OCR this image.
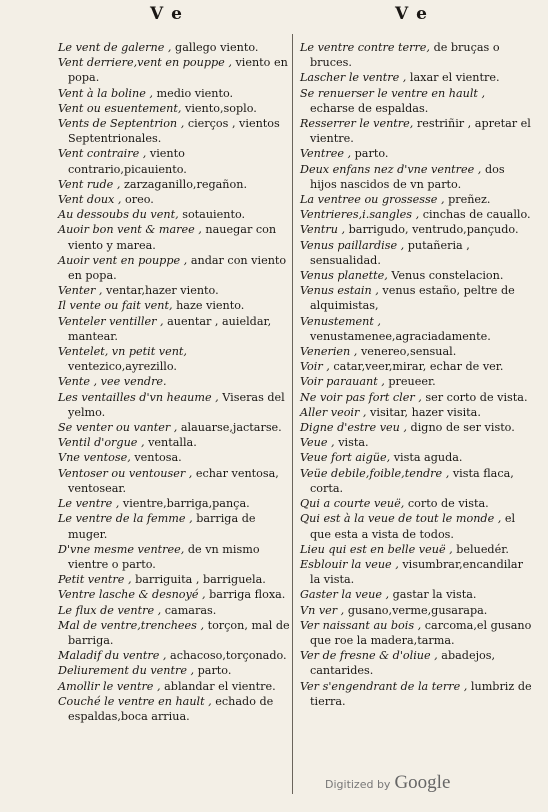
V e	V e

Le vent de galerne , gallego viento.

Vent derriere,vent en pouppe , viento en popa.

Vent à la boline , medio viento.

Vent ou esuentement, viento,soplo.

Vents de Septentrion , cierços , vientos Septentrionales.

Vent contraire , viento contrario,picauiento.

Vent rude , zarzaganillo,regañon.

Vent doux , oreo.

Au dessoubs du vent, sotauiento.

Auoir bon vent & maree , nauegar con viento y marea.

Auoir vent en pouppe , andar con viento en popa.

Venter , ventar,hazer viento.

Il vente ou fait vent, haze viento.

Venteler ventiller , auentar , auieldar, mantear.

Ventelet, vn petit vent, ventezico,ayrezillo.

Vente , vee vendre.

Les ventailles d'vn heaume , Viseras del yelmo.

Se venter ou vanter , alauarse,jactarse.

Ventil d'orgue , ventalla.

Vne ventose, ventosa.

Ventoser ou ventouser , echar ventosa, ventosear.

Le ventre , vientre,barriga,pança.

Le ventre de la femme , barriga de muger.

D'vne mesme ventree, de vn mismo vientre o parto.

Petit ventre , barriguita , barriguela.

Ventre lasche & desnoyé , barriga floxa.

Le flux de ventre , camaras.

Mal de ventre,trenchees , torçon, mal de barriga.

Maladif du ventre , achacoso,torçonado.

Deliurement du ventre , parto.

Amollir le ventre , ablandar el vientre.

Couché le ventre en hault , echado de espaldas,boca arriua.

Le ventre contre terre, de bruças o bruces.

Lascher le ventre , laxar el vientre.

Se renuerser le ventre en hault , echarse de espaldas.

Resserrer le ventre, restriñir , apretar el vientre.

Ventree , parto.

Deux enfans nez d'vne ventree , dos hijos nascidos de vn parto.

La ventree ou grossesse , preñez.

Ventrieres,i.sangles , cinchas de cauallo.

Ventru , barrigudo, ventrudo,pançudo.

Venus paillardise , putañeria , sensualidad.

Venus planette, Venus constelacion.

Venus estain , venus estaño, peltre de alquimistas,

Venustement , venustamenee,agraciadamente.

Venerien , venereo,sensual.

Voir , catar,veer,mirar, echar de ver.

Voir parauant , preueer.

Ne voir pas fort cler , ser corto de vista.

Aller veoir , visitar, hazer visita.

Digne d'estre veu , digno de ser visto.

Veue , vista.

Veue fort aigüe, vista aguda.

Veüe debile,foible,tendre , vista flaca, corta.

Qui a courte veuë, corto de vista.

Qui est à la veue de tout le monde , el que esta a vista de todos.

Lieu qui est en belle veuë , beluedér.

Esblouir la veue , visumbrar,encandilar la vista.

Gaster la veue , gastar la vista.

Vn ver , gusano,verme,gusarapa.

Ver naissant au bois , carcoma,el gusano que roe la madera,tarma.

Ver de fresne & d'oliue , abadejos, cantarides.

Ver s'engendrant de la terre , lumbriz de tierra.

Digitized by Google
